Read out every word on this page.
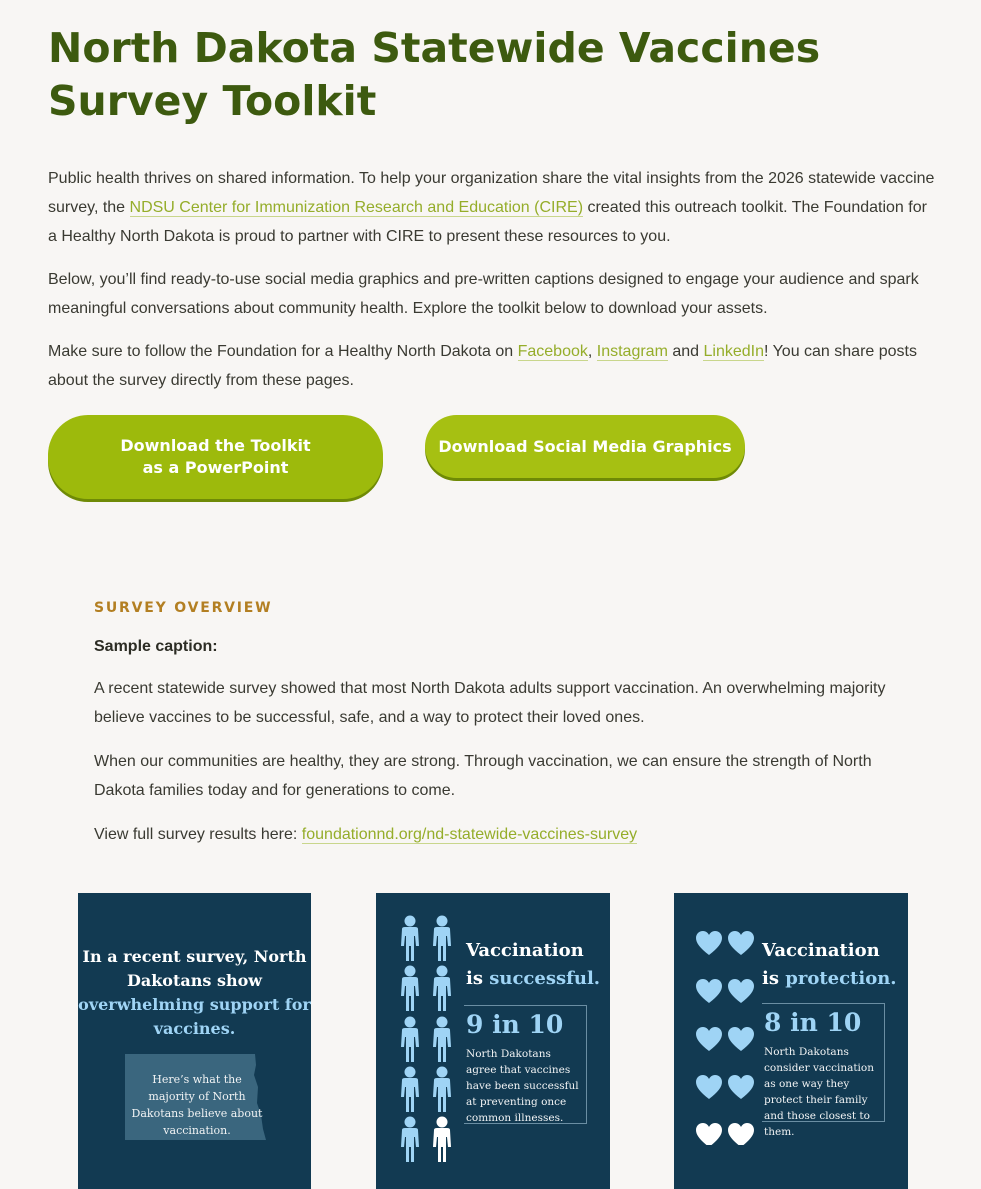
North Dakota Statewide Vaccines Survey Toolkit

Public health thrives on shared information. To help your organization share the vital insights from the 2026 statewide vaccine survey, the NDSU Center for Immunization Research and Education (CIRE) created this outreach toolkit. The Foundation for a Healthy North Dakota is proud to partner with CIRE to present these resources to you.

Below, you’ll find ready-to-use social media graphics and pre-written captions designed to engage your audience and spark meaningful conversations about community health. Explore the toolkit below to download your assets.

Make sure to follow the Foundation for a Healthy North Dakota on Facebook, Instagram and LinkedIn! You can share posts about the survey directly from these pages.

Download the Toolkit as a PowerPoint
Download Social Media Graphics
SURVEY OVERVIEW
Sample caption:

A recent statewide survey showed that most North Dakota adults support vaccination. An overwhelming majority believe vaccines to be successful, safe, and a way to protect their loved ones.

When our communities are healthy, they are strong. Through vaccination, we can ensure the strength of North Dakota families today and for generations to come.

View full survey results here: foundationnd.org/nd-statewide-vaccines-survey

In a recent survey, North Dakotans show
overwhelming support for vaccines.
Here’s what the majority of North Dakotans believe about vaccination.
Vaccination
is successful.
9 in 10
North Dakotans agree that vaccines have been successful at preventing once common illnesses.
Vaccination
is protection.
8 in 10
North Dakotans consider vaccination as one way they protect their family and those closest to them.
